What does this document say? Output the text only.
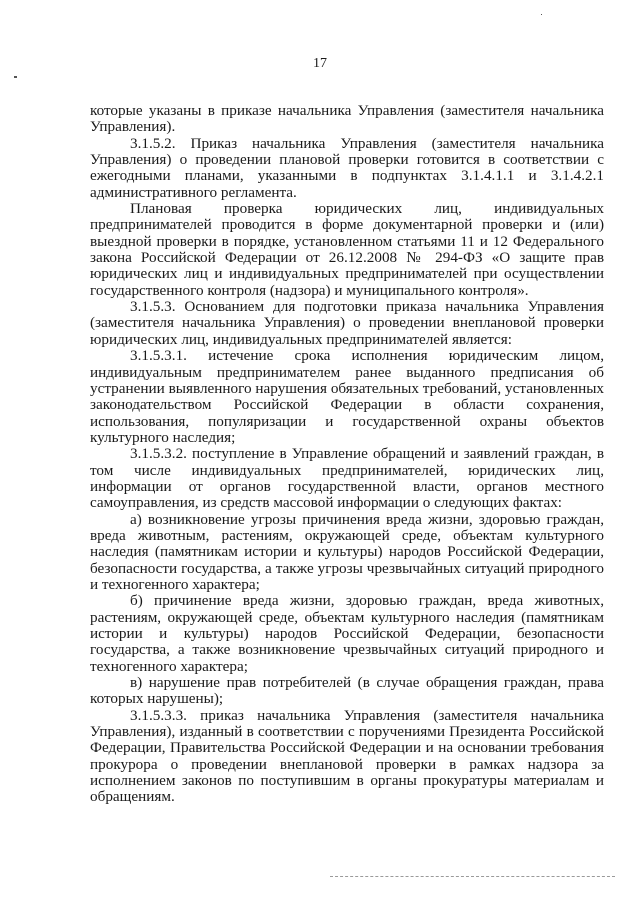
17

которые указаны в приказе начальника Управления (заместителя начальника Управления).

3.1.5.2. Приказ начальника Управления (заместителя начальника Управления) о проведении плановой проверки готовится в соответствии с ежегодными планами, указанными в подпунктах 3.1.4.1.1 и 3.1.4.2.1 административного регламента.

Плановая проверка юридических лиц, индивидуальных предпринимателей проводится в форме документарной проверки и (или) выездной проверки в порядке, установленном статьями 11 и 12 Федерального закона Российской Федерации от 26.12.2008 № 294-ФЗ «О защите прав юридических лиц и индивидуальных предпринимателей при осуществлении государственного контроля (надзора) и муниципального контроля».

3.1.5.3. Основанием для подготовки приказа начальника Управления (заместителя начальника Управления) о проведении внеплановой проверки юридических лиц, индивидуальных предпринимателей является:

3.1.5.3.1. истечение срока исполнения юридическим лицом, индивидуальным предпринимателем ранее выданного предписания об устранении выявленного нарушения обязательных требований, установленных законодательством Российской Федерации в области сохранения, использования, популяризации и государственной охраны объектов культурного наследия;

3.1.5.3.2. поступление в Управление обращений и заявлений граждан, в том числе индивидуальных предпринимателей, юридических лиц, информации от органов государственной власти, органов местного самоуправления, из средств массовой информации о следующих фактах:

а) возникновение угрозы причинения вреда жизни, здоровью граждан, вреда животным, растениям, окружающей среде, объектам культурного наследия (памятникам истории и культуры) народов Российской Федерации, безопасности государства, а также угрозы чрезвычайных ситуаций природного и техногенного характера;

б) причинение вреда жизни, здоровью граждан, вреда животных, растениям, окружающей среде, объектам культурного наследия (памятникам истории и культуры) народов Российской Федерации, безопасности государства, а также возникновение чрезвычайных ситуаций природного и техногенного характера;

в) нарушение прав потребителей (в случае обращения граждан, права которых нарушены);

3.1.5.3.3. приказ начальника Управления (заместителя начальника Управления), изданный в соответствии с поручениями Президента Российской Федерации, Правительства Российской Федерации и на основании требования прокурора о проведении внеплановой проверки в рамках надзора за исполнением законов по поступившим в органы прокуратуры материалам и обращениям.
